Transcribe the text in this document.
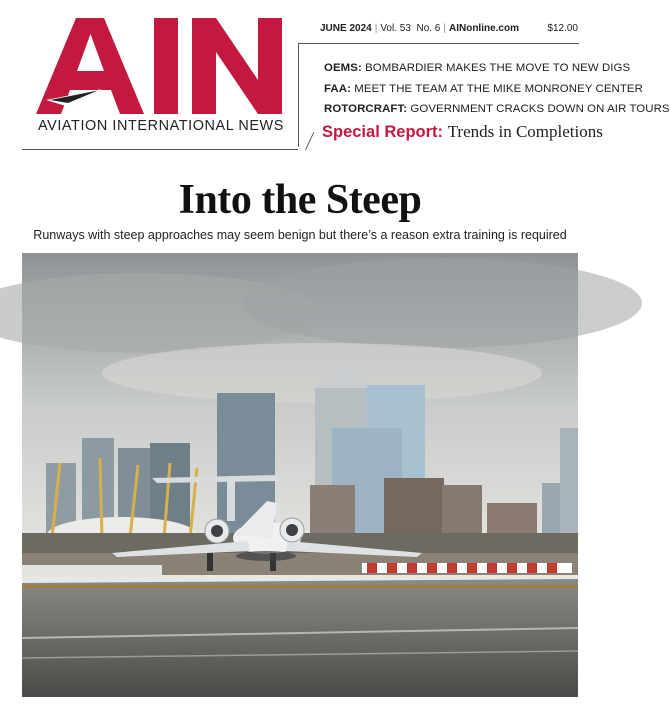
AVIATION INTERNATIONAL NEWS
JUNE 2024 | Vol. 53 No. 6 | AINonline.com	$12.00
OEMS: BOMBARDIER MAKES THE MOVE TO NEW DIGS
FAA: MEET THE TEAM AT THE MIKE MONRONEY CENTER
ROTORCRAFT: GOVERNMENT CRACKS DOWN ON AIR TOURS
Special Report: Trends in Completions
Into the Steep
Runways with steep approaches may seem benign but there’s a reason extra training is required
